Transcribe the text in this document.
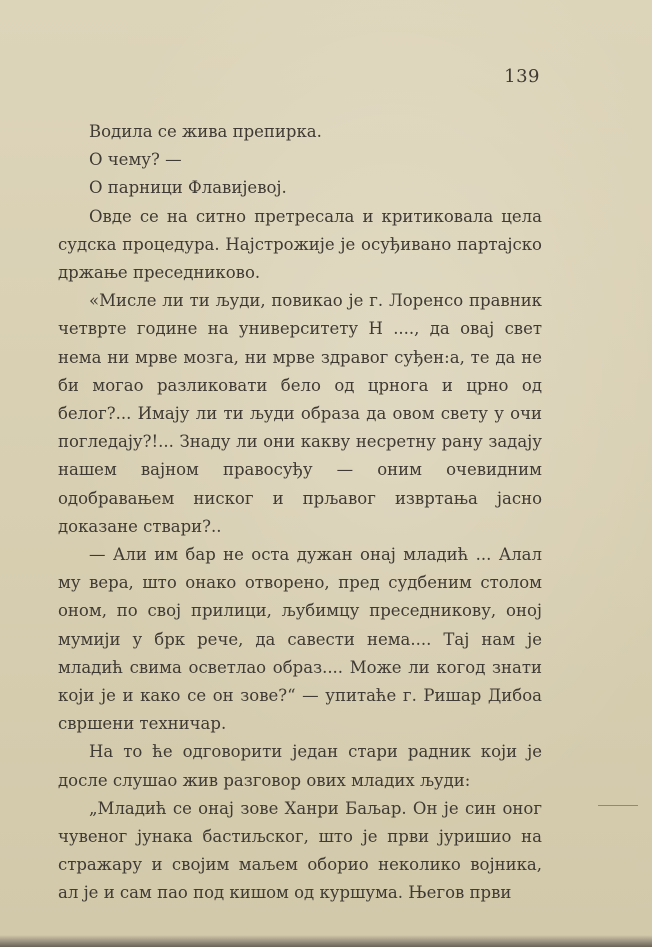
139

Водила се жива препирка.

О чему? —

О парници Флавијевој.

Овде се на ситно претресала и критиковала цела судска процедура. Најстрожије је осуђивано партајско држање преседниково.

«Мисле ли ти људи, повикао је г. Лоренсо правник четврте године на университету Н ...., да овај свет нема ни мрве мозга, ни мрве здравог суђен:а, те да не би могао разликовати бело од црнога и црно од белог?... Имају ли ти људи образа да овом свету у очи погледају?!... Знаду ли они какву несретну рану задају нашем вајном правосуђу — оним очевидним одобравањем ниског и прљавог извртања јасно доказане ствари?..

— Али им бар не оста дужан онај младић ... Алал му вера, што онако отворено, пред судбеним столом оном, по свој прилици, љубимцу преседникову, оној мумији у брк рече, да савести нема.... Тај нам је младић свима осветлао образ.... Може ли когод знати који је и како се он зове?“ — упитаће г. Ришар Дибоа свршени техничар.

На то ће одговорити један стари радник који је досле слушао жив разговор ових младих људи:

„Младић се онај зове Ханри Баљар. Он је син оног чувеног јунака бастиљског, што је први јуришио на стражару и својим маљем оборио неколико војника, ал је и сам пао под кишом од куршума. Његов први
